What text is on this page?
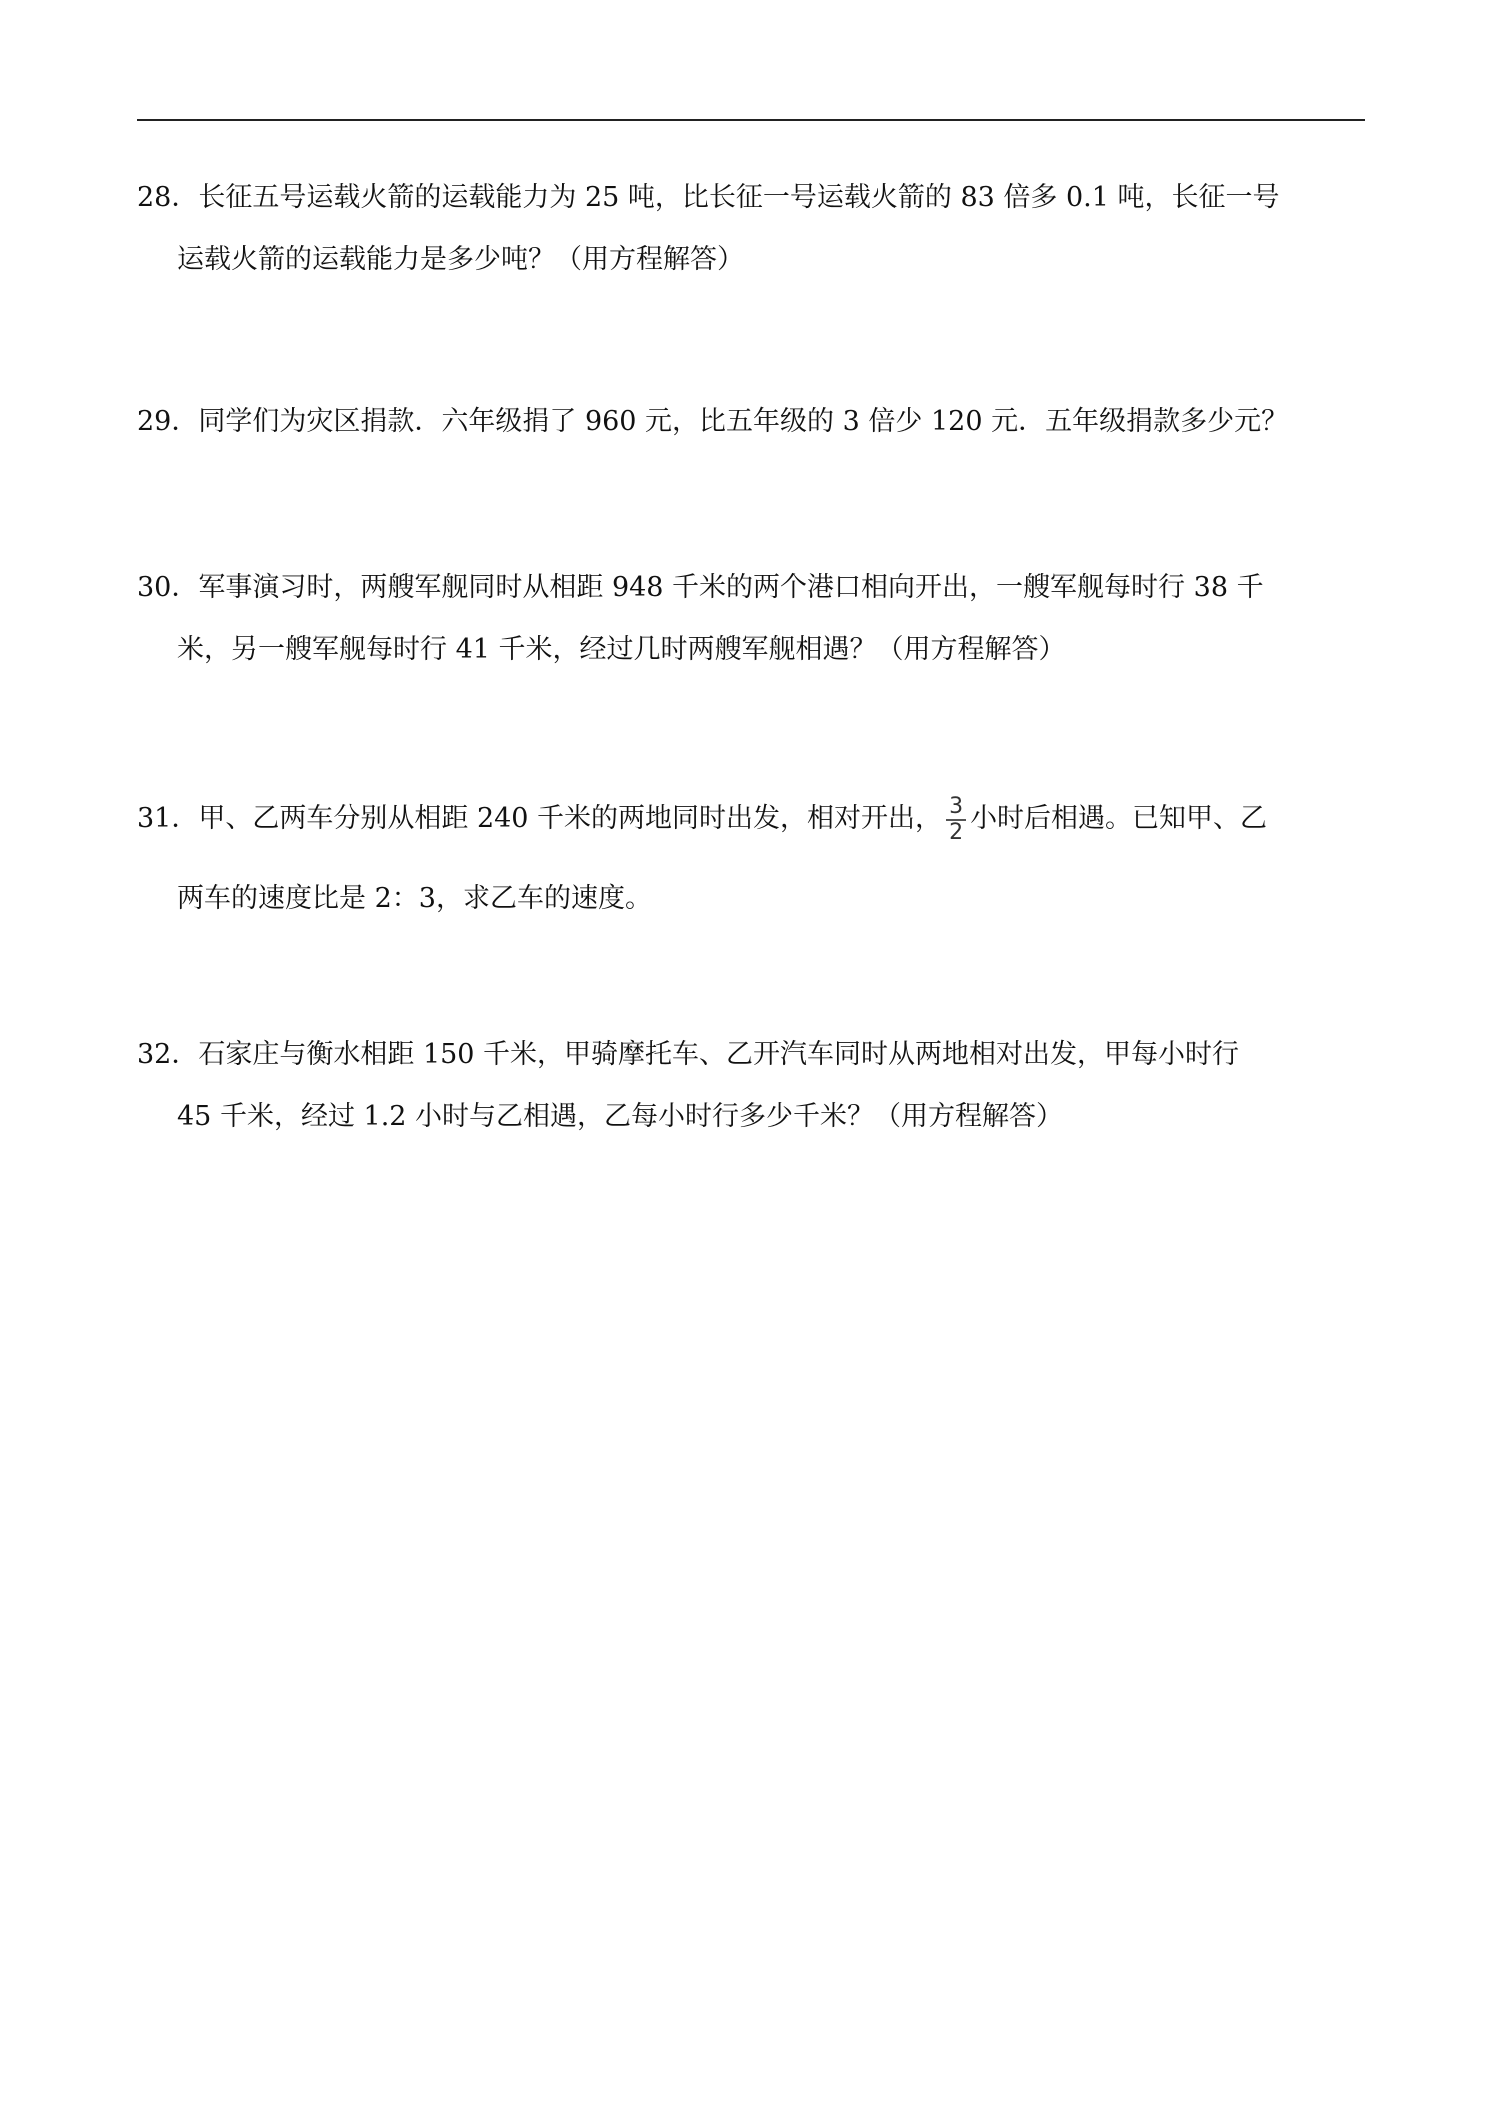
28．长征五号运载火箭的运载能力为 25 吨，比长征一号运载火箭的 83 倍多 0.1 吨，长征一号
运载火箭的运载能力是多少吨？（用方程解答）
29．同学们为灾区捐款．六年级捐了 960 元，比五年级的 3 倍少 120 元．五年级捐款多少元？
30．军事演习时，两艘军舰同时从相距 948 千米的两个港口相向开出，一艘军舰每时行 38 千
米，另一艘军舰每时行 41 千米，经过几时两艘军舰相遇？（用方程解答）
31．甲、乙两车分别从相距 240 千米的两地同时出发，相对开出， $\frac{3}{2}$ 小时后相遇。已知甲、乙
两车的速度比是 2：3，求乙车的速度。
32．石家庄与衡水相距 150 千米，甲骑摩托车、乙开汽车同时从两地相对出发，甲每小时行
45 千米，经过 1.2 小时与乙相遇，乙每小时行多少千米？（用方程解答）
